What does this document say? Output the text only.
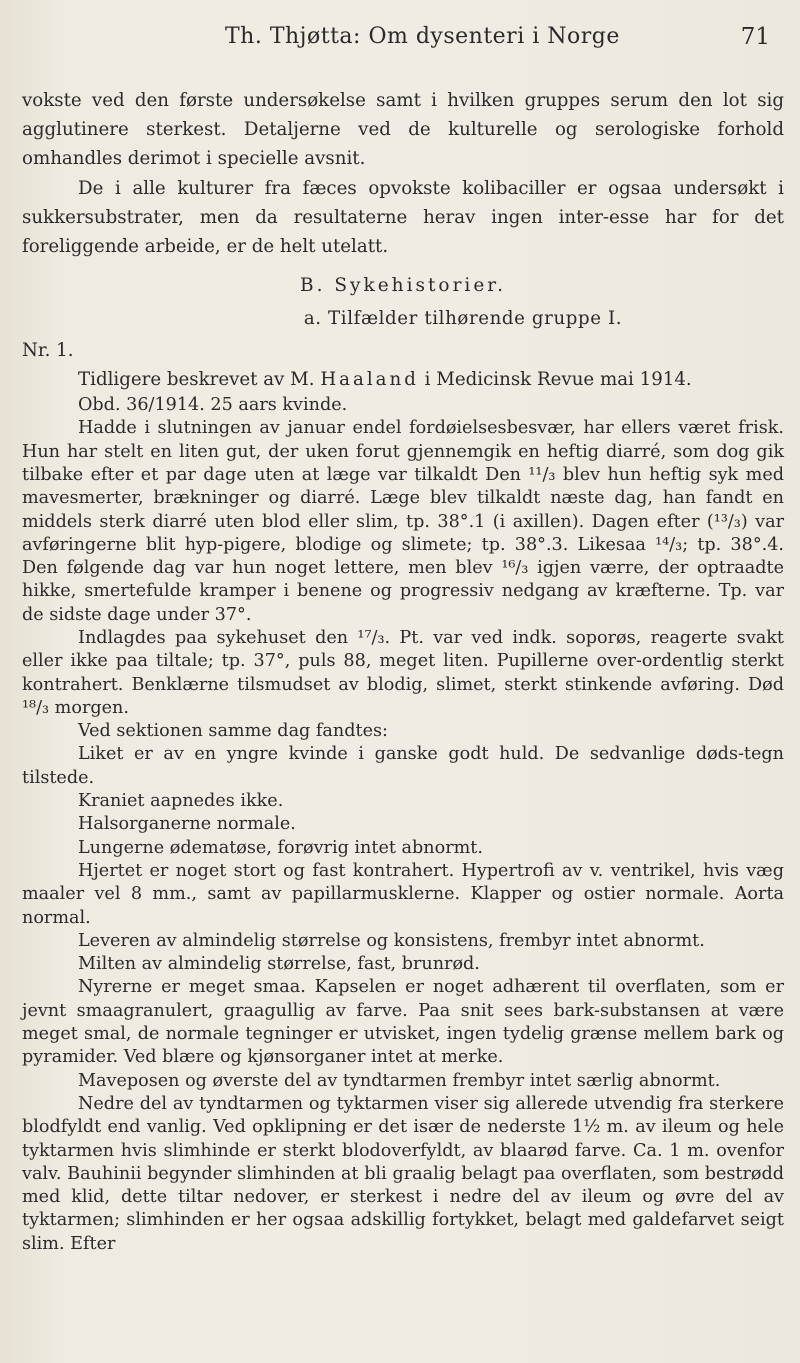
Th. Thjøtta: Om dysenteri i Norge	71

vokste ved den første undersøkelse samt i hvilken gruppes serum den lot sig agglutinere sterkest. Detaljerne ved de kulturelle og serologiske forhold omhandles derimot i specielle avsnit.

De i alle kulturer fra fæces opvokste kolibaciller er ogsaa undersøkt i sukkersubstrater, men da resultaterne herav ingen inter-esse har for det foreliggende arbeide, er de helt utelatt.

B. Sykehistorier.

a. Tilfælder tilhørende gruppe I.

Nr. 1.

Tidligere beskrevet av M. Haaland i Medicinsk Revue mai 1914.

Obd. 36/1914. 25 aars kvinde.

Hadde i slutningen av januar endel fordøielsesbesvær, har ellers været frisk. Hun har stelt en liten gut, der uken forut gjennemgik en heftig diarré, som dog gik tilbake efter et par dage uten at læge var tilkaldt Den ¹¹/₃ blev hun heftig syk med mavesmerter, brækninger og diarré. Læge blev tilkaldt næste dag, han fandt en middels sterk diarré uten blod eller slim, tp. 38°.1 (i axillen). Dagen efter (¹³/₃) var avføringerne blit hyp-pigere, blodige og slimete; tp. 38°.3. Likesaa ¹⁴/₃; tp. 38°.4. Den følgende dag var hun noget lettere, men blev ¹⁶/₃ igjen værre, der optraadte hikke, smertefulde kramper i benene og progressiv nedgang av kræfterne. Tp. var de sidste dage under 37°.

Indlagdes paa sykehuset den ¹⁷/₃. Pt. var ved indk. soporøs, reagerte svakt eller ikke paa tiltale; tp. 37°, puls 88, meget liten. Pupillerne over-ordentlig sterkt kontrahert. Benklærne tilsmudset av blodig, slimet, sterkt stinkende avføring. Død ¹⁸/₃ morgen.

Ved sektionen samme dag fandtes:

Liket er av en yngre kvinde i ganske godt huld. De sedvanlige døds-tegn tilstede.

Kraniet aapnedes ikke.

Halsorganerne normale.

Lungerne ødematøse, forøvrig intet abnormt.

Hjertet er noget stort og fast kontrahert. Hypertrofi av v. ventrikel, hvis væg maaler vel 8 mm., samt av papillarmusklerne. Klapper og ostier normale. Aorta normal.

Leveren av almindelig størrelse og konsistens, frembyr intet abnormt.

Milten av almindelig størrelse, fast, brunrød.

Nyrerne er meget smaa. Kapselen er noget adhærent til overflaten, som er jevnt smaagranulert, graagullig av farve. Paa snit sees bark-substansen at være meget smal, de normale tegninger er utvisket, ingen tydelig grænse mellem bark og pyramider. Ved blære og kjønsorganer intet at merke.

Maveposen og øverste del av tyndtarmen frembyr intet særlig abnormt.

Nedre del av tyndtarmen og tyktarmen viser sig allerede utvendig fra sterkere blodfyldt end vanlig. Ved opklipning er det især de nederste 1½ m. av ileum og hele tyktarmen hvis slimhinde er sterkt blodoverfyldt, av blaarød farve. Ca. 1 m. ovenfor valv. Bauhinii begynder slimhinden at bli graalig belagt paa overflaten, som bestrødd med klid, dette tiltar nedover, er sterkest i nedre del av ileum og øvre del av tyktarmen; slimhinden er her ogsaa adskillig fortykket, belagt med galdefarvet seigt slim. Efter
